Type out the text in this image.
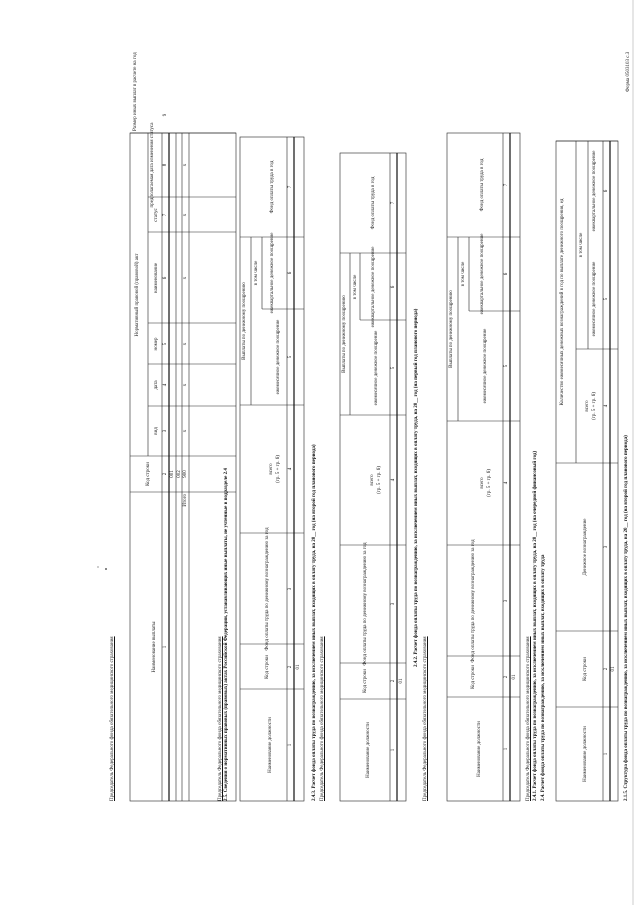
Форма 0503103 с.3
2.1.5. Структура фонда оплаты труда по вознаграждению, за исключением иных выплат, входящих в оплату труда, на 20__ год (на второй год планового периода)
Наименование должности
Код строки
Денежное вознаграждение
Количество ежемесячных денежных вознаграждений в год по выплате денежного поощрения, ед
всего (гр. 5 + гр. 6)
в том числе
ежемесячное денежное поощрение
ежеквартальное денежное поощрение
1
2
3
4
5
6
01
Председатель Федерального фонда обязательного медицинского страхования 2.4. Расчет фонда оплаты труда по вознаграждению, за исключением иных выплат, входящих в оплату труда
2.4.1. Расчет фонда оплаты труда по вознаграждению, за исключением иных выплат, входящих в оплату труда, на 20__ год (на очередной финансовый год)
Наименование должности
Код строки
Фонд оплаты труда по денежному вознаграждению за год
Выплаты по денежному поощрению
всего (гр. 5 + гр. 6)
в том числе
ежемесячное денежное поощрение
ежеквартальное денежное поощрение
Фонд оплаты труда в год
1
2
3
4
5
6
7
01
Председатель Федерального фонда обязательного медицинского страхования
2.4.2. Расчет фонда оплаты труда по вознаграждению, за исключением иных выплат, входящих в оплату труда, на 20__ год (на первый год планового периода)
Наименование должности
Код строки
Фонд оплаты труда по денежному вознаграждению за год
Выплаты по денежному поощрению
всего (гр. 5 + гр. 6)
в том числе
ежемесячное денежное поощрение
ежеквартальное денежное поощрение
Фонд оплаты труда в год
1
2
3
4
5
6
7
01
Председатель Федерального фонда обязательного медицинского страхования
2.4.3. Расчет фонда оплаты труда по вознаграждению, за исключением иных выплат, входящих в оплату труда, на 20__ год (на второй год планового периода)
Наименование должности
Код строки
Фонд оплаты труда по денежному вознаграждению за год
Выплаты по денежному поощрению
всего (гр. 5 + гр. 6)
в том числе
ежемесячное денежное поощрение
ежеквартальное денежное поощрение
Фонд оплаты труда в год
1
2
3
4
5
6
7
01
Председатель Федерального фонда обязательного медицинского страхования 2.5. Сведения о нормативных правовых (правовых) актах Российской Федерации, устанавливающих иные выплаты, не учтенные в подразделе 2.4
Наименование выплаты
Код строки
Нормативный правовой (правовой) акт
вид
дата
номер
наименование
статус
предполагаемая дата изменения статуса
Размер иных выплат в расчете на год
1
2
3
4
5
6
7
8
9
001 002
Итого
900
x
x
x
x
x
x
Председатель Федерального фонда обязательного медицинского страхования
